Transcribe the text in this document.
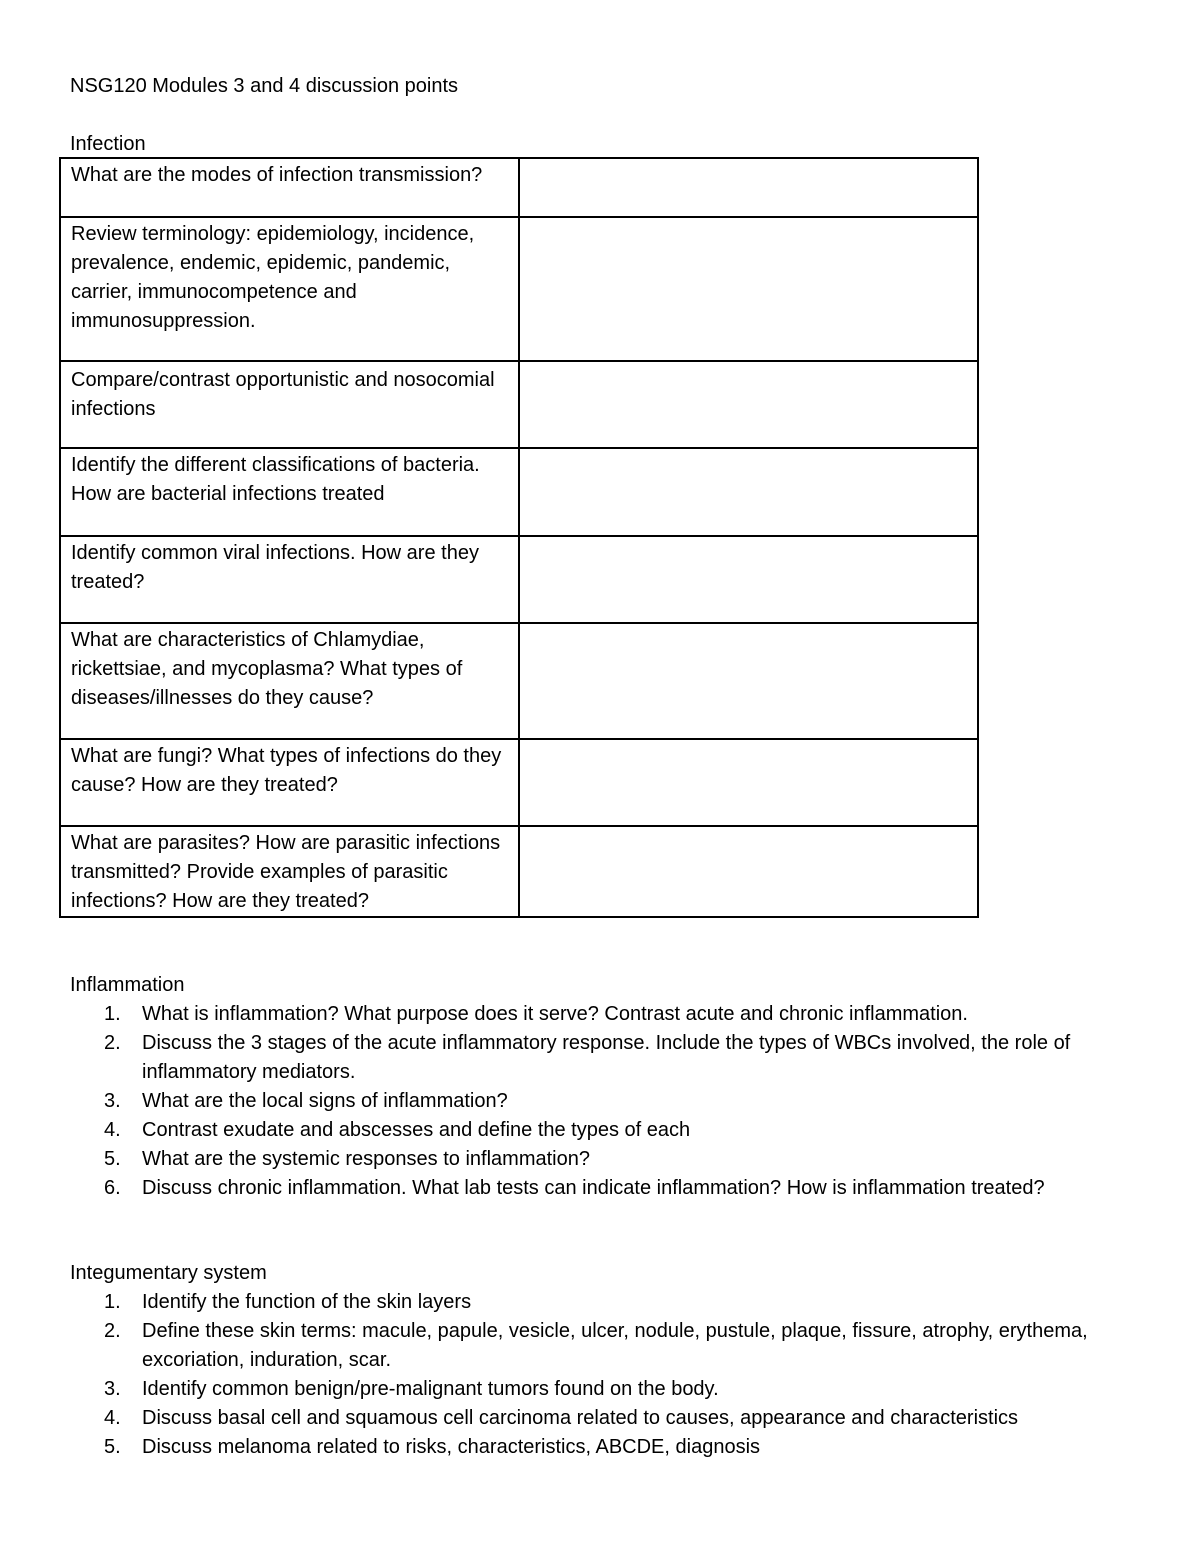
NSG120 Modules 3 and 4 discussion points
Infection
What are the modes of infection transmission?	
Review terminology: epidemiology, incidence, prevalence, endemic, epidemic, pandemic, carrier, immunocompetence and immunosuppression.	
Compare/contrast opportunistic and nosocomial infections	
Identify the different classifications of bacteria. How are bacterial infections treated	
Identify common viral infections. How are they treated?	
What are characteristics of Chlamydiae, rickettsiae, and mycoplasma? What types of diseases/illnesses do they cause?	
What are fungi? What types of infections do they cause? How are they treated?	
What are parasites? How are parasitic infections transmitted? Provide examples of parasitic infections? How are they treated?	
Inflammation
1. What is inflammation? What purpose does it serve? Contrast acute and chronic inflammation.
2. Discuss the 3 stages of the acute inflammatory response. Include the types of WBCs involved, the role of inflammatory mediators.
3. What are the local signs of inflammation?
4. Contrast exudate and abscesses and define the types of each
5. What are the systemic responses to inflammation?
6. Discuss chronic inflammation. What lab tests can indicate inflammation? How is inflammation treated?
Integumentary system
1. Identify the function of the skin layers
2. Define these skin terms: macule, papule, vesicle, ulcer, nodule, pustule, plaque, fissure, atrophy, erythema, excoriation, induration, scar.
3. Identify common benign/pre-malignant tumors found on the body.
4. Discuss basal cell and squamous cell carcinoma related to causes, appearance and characteristics
5. Discuss melanoma related to risks, characteristics, ABCDE, diagnosis
